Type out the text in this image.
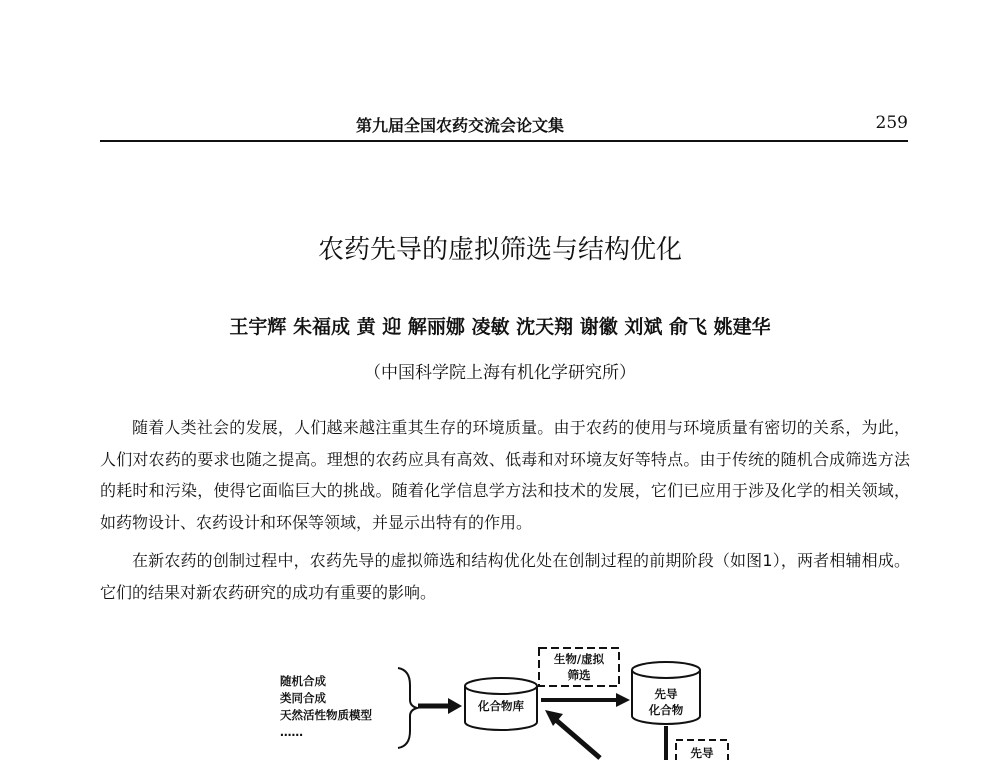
第九届全国农药交流会论文集	259
农药先导的虚拟筛选与结构优化
王宇辉 朱福成 黄 迎 解丽娜 凌敏 沈天翔 谢徽 刘斌 俞飞 姚建华
（中国科学院上海有机化学研究所）

随着人类社会的发展，人们越来越注重其生存的环境质量。由于农药的使用与环境质量有密切的关系，为此，人们对农药的要求也随之提高。理想的农药应具有高效、低毒和对环境友好等特点。由于传统的随机合成筛选方法的耗时和污染，使得它面临巨大的挑战。随着化学信息学方法和技术的发展，它们已应用于涉及化学的相关领域，如药物设计、农药设计和环保等领域，并显示出特有的作用。

在新农药的创制过程中，农药先导的虚拟筛选和结构优化处在创制过程的前期阶段（如图1），两者相辅相成。它们的结果对新农药研究的成功有重要的影响。

随机合成
类同合成
天然活性物质模型
……
化合物库
生物/虚拟
筛选
先导
化合物
先导
